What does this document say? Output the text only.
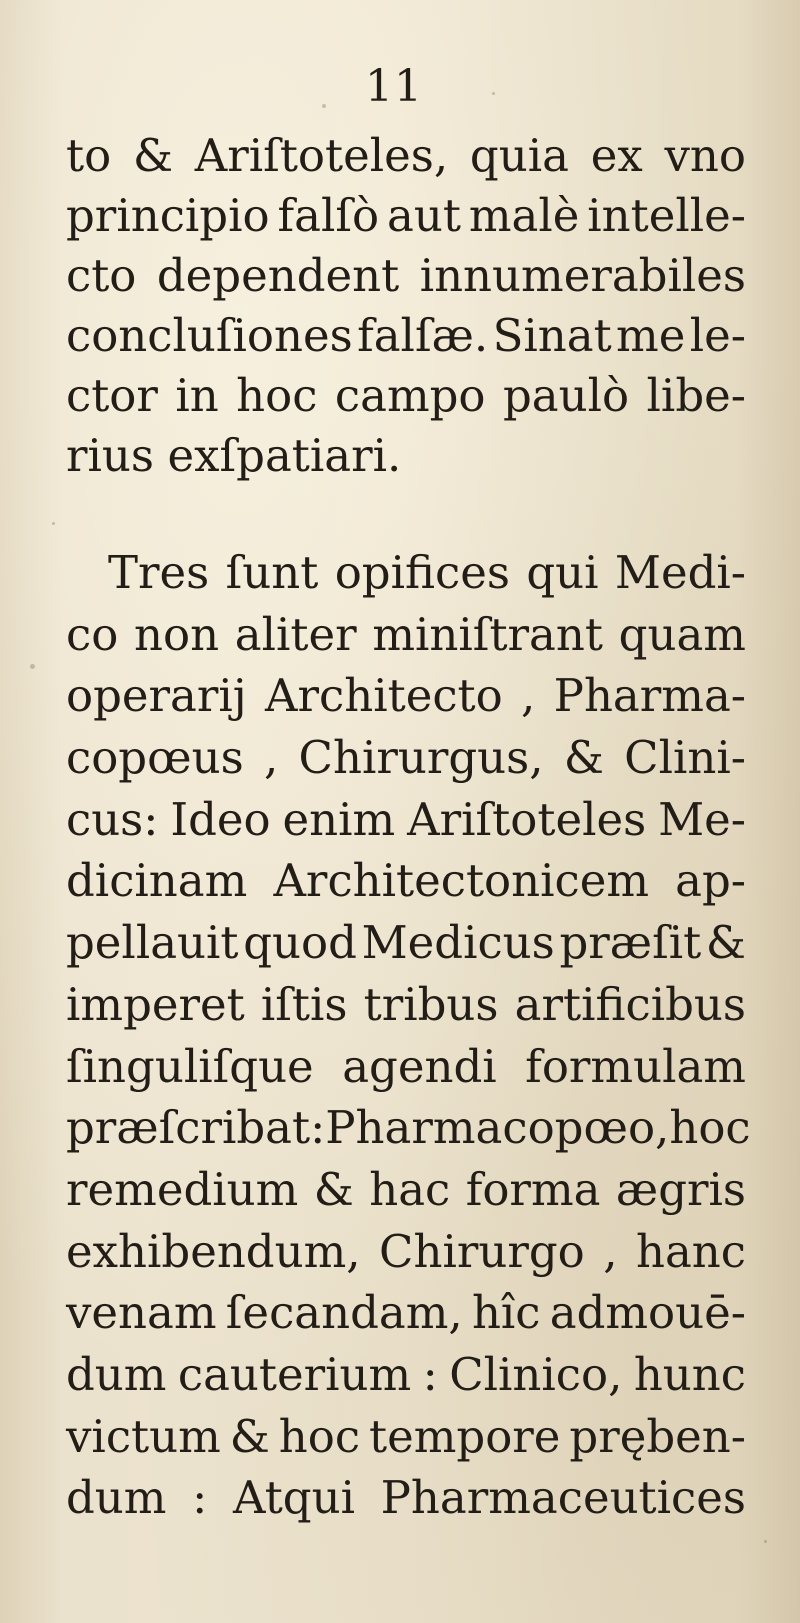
11
to & Ariſtoteles, quia ex vno
principio falſò aut malè intelle-
cto dependent innumerabiles
concluſiones falſæ. Sinat me le-
ctor in hoc campo paulò libe-
rius exſpatiari.
Tres ſunt opifices qui Medi-
co non aliter miniſtrant quam
operarij Architecto , Pharma-
copœus , Chirurgus, & Clini-
cus: Ideo enim Ariſtoteles Me-
dicinam Architectonicem ap-
pellauit quod Medicus præſit &
imperet iſtis tribus artificibus
ſinguliſque agendi formulam
præſcribat: Pharmacopœo, hoc
remedium & hac forma ægris
exhibendum, Chirurgo , hanc
venam ſecandam, hîc admouē-
dum cauterium : Clinico, hunc
victum & hoc tempore pręben-
dum : Atqui Pharmaceutices
